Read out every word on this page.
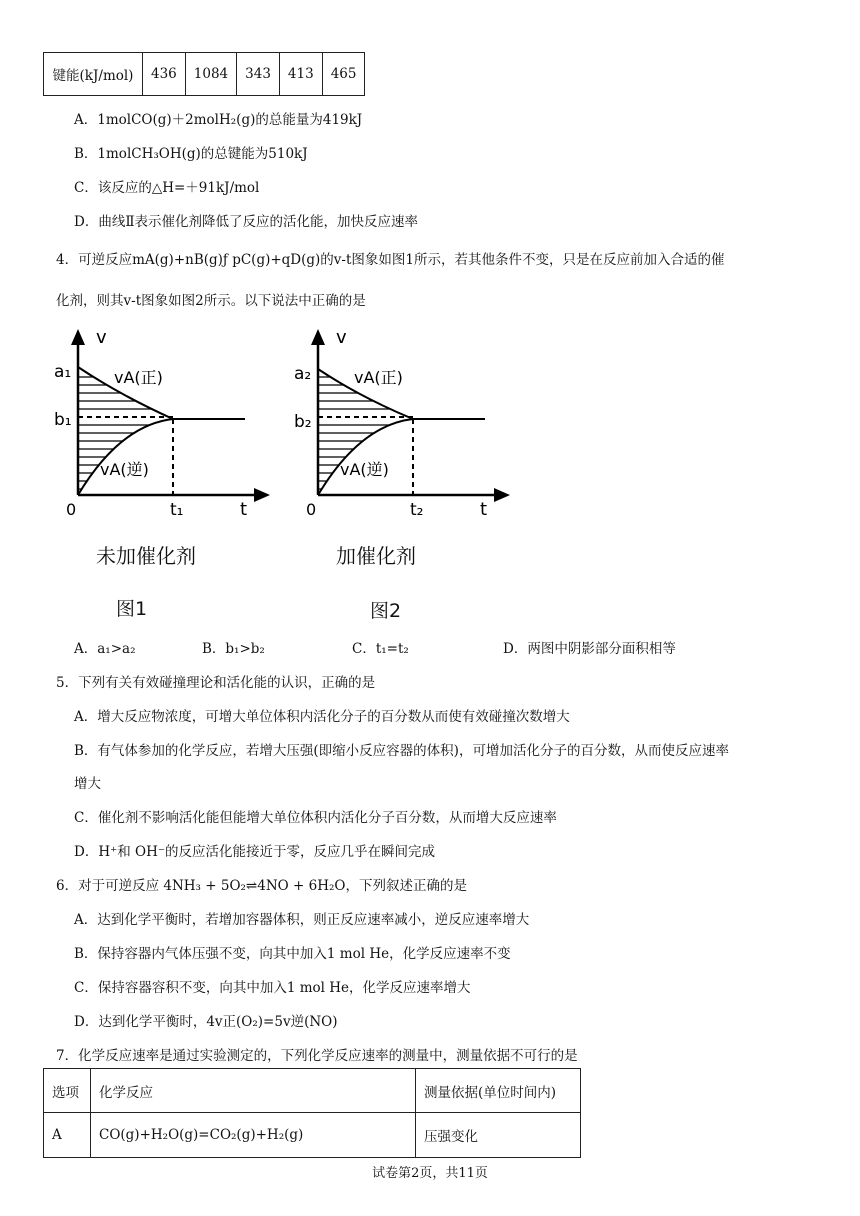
键能(kJ/mol)	436	1084	343	413	465
A．1molCO(g)＋2molH₂(g)的总能量为419kJ
B．1molCH₃OH(g)的总键能为510kJ
C．该反应的△H=＋91kJ/mol
D．曲线Ⅱ表示催化剂降低了反应的活化能，加快反应速率
4．可逆反应mA(g)+nB(g)ƒ pC(g)+qD(g)的v-t图象如图1所示，若其他条件不变，只是在反应前加入合适的催
化剂，则其v-t图象如图2所示。以下说法中正确的是
v
t
0
a₁
b₁
t₁
vA(正)
vA(逆)
v
t
0
a₂
b₂
t₂
vA(正)
vA(逆)
未加催化剂	加催化剂
图1	图2
A．a₁>a₂	B．b₁>b₂	C．t₁=t₂	D．两图中阴影部分面积相等
5．下列有关有效碰撞理论和活化能的认识，正确的是
A．增大反应物浓度，可增大单位体积内活化分子的百分数从而使有效碰撞次数增大
B．有气体参加的化学反应，若增大压强(即缩小反应容器的体积)，可增加活化分子的百分数，从而使反应速率
增大
C．催化剂不影响活化能但能增大单位体积内活化分子百分数，从而增大反应速率
D．H⁺和 OH⁻的反应活化能接近于零，反应几乎在瞬间完成
6．对于可逆反应 4NH₃ + 5O₂⇌4NO + 6H₂O，下列叙述正确的是
A．达到化学平衡时，若增加容器体积，则正反应速率减小，逆反应速率增大
B．保持容器内气体压强不变，向其中加入1 mol He，化学反应速率不变
C．保持容器容积不变，向其中加入1 mol He，化学反应速率增大
D．达到化学平衡时，4v正(O₂)=5v逆(NO)
7．化学反应速率是通过实验测定的，下列化学反应速率的测量中，测量依据不可行的是
选项	化学反应	测量依据(单位时间内)
A	CO(g)+H₂O(g)=CO₂(g)+H₂(g)	压强变化
试卷第2页，共11页
